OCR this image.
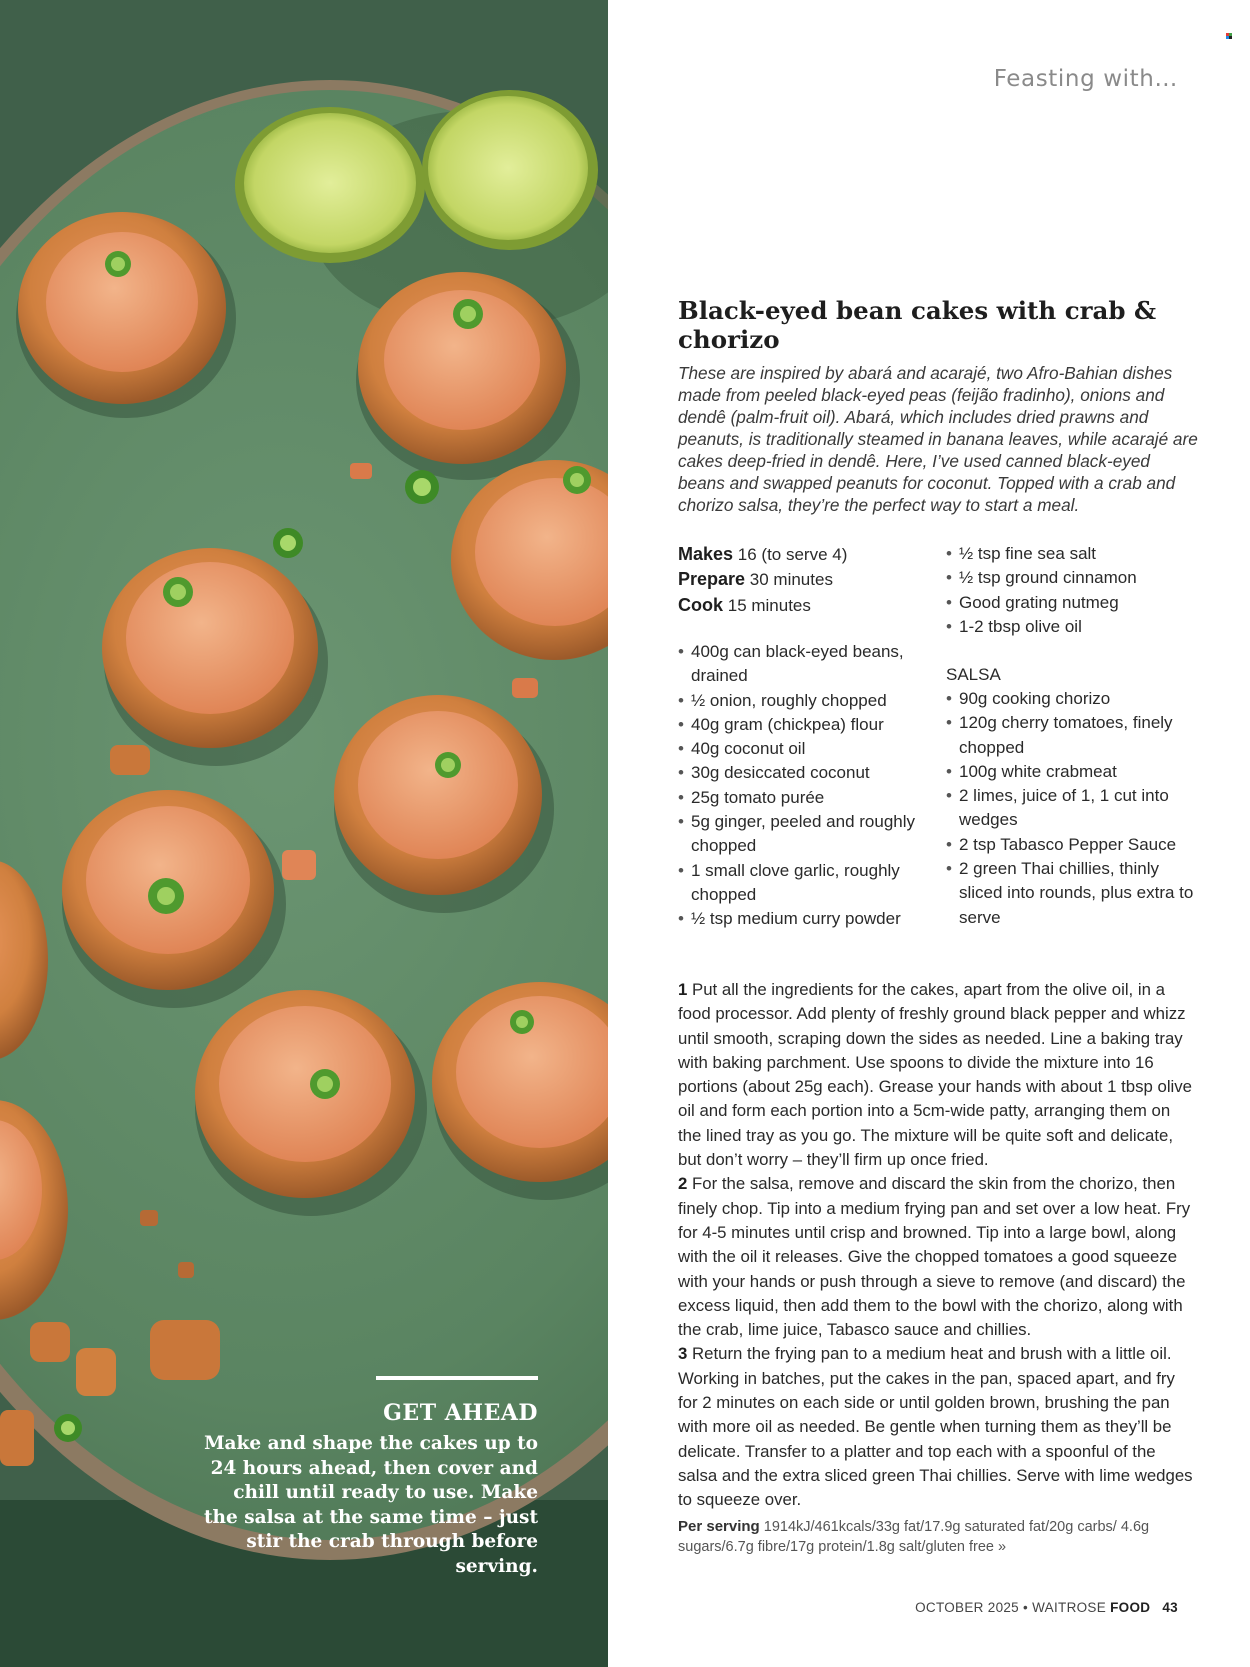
GET AHEAD

Make and shape the cakes up to 24 hours ahead, then cover and chill until ready to use. Make the salsa at the same time – just stir the crab through before serving.

Feasting with…
Black-eyed bean cakes with crab & chorizo

These are inspired by abará and acarajé, two Afro-Bahian dishes made from peeled black-eyed peas (feijão fradinho), onions and dendê (palm-fruit oil). Abará, which includes dried prawns and peanuts, is traditionally steamed in banana leaves, while acarajé are cakes deep-fried in dendê. Here, I’ve used canned black-eyed beans and swapped peanuts for coconut. Topped with a crab and chorizo salsa, they’re the perfect way to start a meal.

Makes 16 (to serve 4)
Prepare 30 minutes
Cook 15 minutes
• 400g can black-eyed beans, drained
• ½ onion, roughly chopped
• 40g gram (chickpea) flour
• 40g coconut oil
• 30g desiccated coconut
• 25g tomato purée
• 5g ginger, peeled and roughly chopped
• 1 small clove garlic, roughly chopped
• ½ tsp medium curry powder
• ½ tsp fine sea salt
• ½ tsp ground cinnamon
• Good grating nutmeg
• 1-2 tbsp olive oil
SALSA
• 90g cooking chorizo
• 120g cherry tomatoes, finely chopped
• 100g white crabmeat
• 2 limes, juice of 1, 1 cut into wedges
• 2 tsp Tabasco Pepper Sauce
• 2 green Thai chillies, thinly sliced into rounds, plus extra to serve

1 Put all the ingredients for the cakes, apart from the olive oil, in a food processor. Add plenty of freshly ground black pepper and whizz until smooth, scraping down the sides as needed. Line a baking tray with baking parchment. Use spoons to divide the mixture into 16 portions (about 25g each). Grease your hands with about 1 tbsp olive oil and form each portion into a 5cm-wide patty, arranging them on the lined tray as you go. The mixture will be quite soft and delicate, but don’t worry – they’ll firm up once fried.

2 For the salsa, remove and discard the skin from the chorizo, then finely chop. Tip into a medium frying pan and set over a low heat. Fry for 4-5 minutes until crisp and browned. Tip into a large bowl, along with the oil it releases. Give the chopped tomatoes a good squeeze with your hands or push through a sieve to remove (and discard) the excess liquid, then add them to the bowl with the chorizo, along with the crab, lime juice, Tabasco sauce and chillies.

3 Return the frying pan to a medium heat and brush with a little oil. Working in batches, put the cakes in the pan, spaced apart, and fry for 2 minutes on each side or until golden brown, brushing the pan with more oil as needed. Be gentle when turning them as they’ll be delicate. Transfer to a platter and top each with a spoonful of the salsa and the extra sliced green Thai chillies. Serve with lime wedges to squeeze over.

Per serving 1914kJ/461kcals/33g fat/17.9g saturated fat/20g carbs/ 4.6g sugars/6.7g fibre/17g protein/1.8g salt/gluten free »
OCTOBER 2025 • WAITROSE FOOD 43
